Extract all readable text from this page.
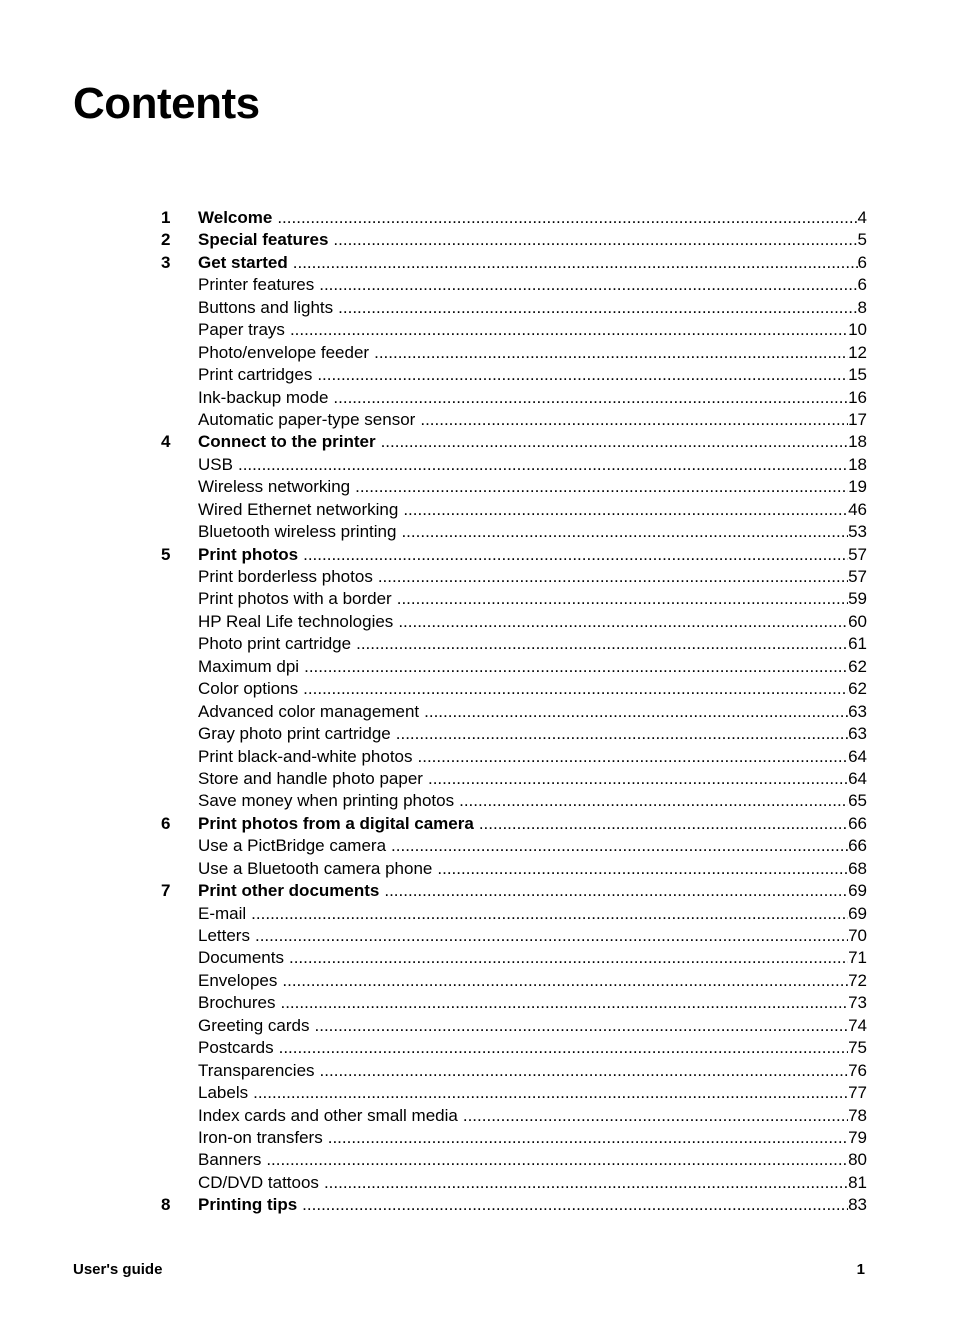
Contents
1	Welcome .....	4
2	Special features .....	5
3	Get started .....	6
Printer features .....	6
Buttons and lights .....	8
Paper trays .....	10
Photo/envelope feeder .....	12
Print cartridges .....	15
Ink-backup mode .....	16
Automatic paper-type sensor .....	17
4	Connect to the printer .....	18
USB .....	18
Wireless networking .....	19
Wired Ethernet networking .....	46
Bluetooth wireless printing .....	53
5	Print photos .....	57
Print borderless photos .....	57
Print photos with a border .....	59
HP Real Life technologies .....	60
Photo print cartridge .....	61
Maximum dpi .....	62
Color options .....	62
Advanced color management .....	63
Gray photo print cartridge .....	63
Print black-and-white photos .....	64
Store and handle photo paper .....	64
Save money when printing photos .....	65
6	Print photos from a digital camera .....	66
Use a PictBridge camera .....	66
Use a Bluetooth camera phone .....	68
7	Print other documents .....	69
E-mail .....	69
Letters .....	70
Documents .....	71
Envelopes .....	72
Brochures .....	73
Greeting cards .....	74
Postcards .....	75
Transparencies .....	76
Labels .....	77
Index cards and other small media .....	78
Iron-on transfers .....	79
Banners .....	80
CD/DVD tattoos .....	81
8	Printing tips .....	83
User's guide	1
